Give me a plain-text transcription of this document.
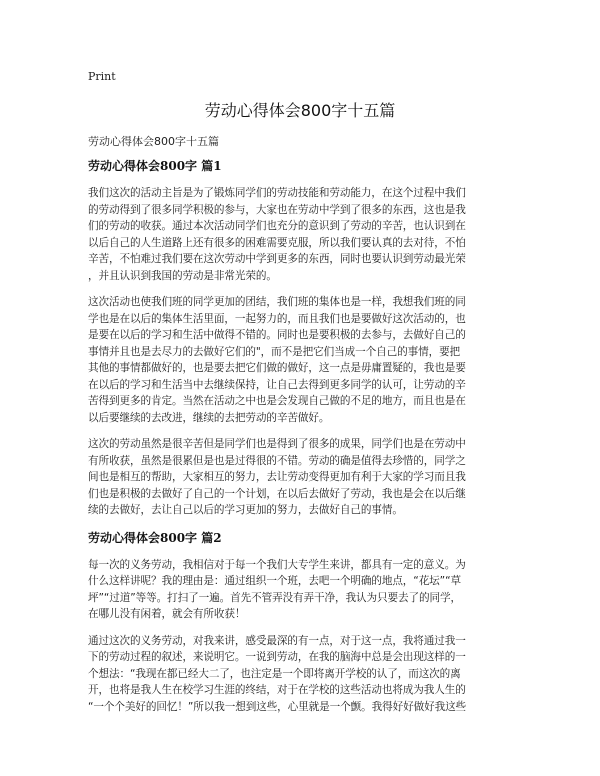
Print
劳动心得体会800字十五篇
劳动心得体会800字十五篇
劳动心得体会800字 篇1
我们这次的活动主旨是为了锻炼同学们的劳动技能和劳动能力，在这个过程中我们
的劳动得到了很多同学积极的参与，大家也在劳动中学到了很多的东西，这也是我
们的劳动的收获。通过本次活动同学们也充分的意识到了劳动的辛苦，也认识到在
以后自己的人生道路上还有很多的困难需要克服，所以我们要认真的去对待，不怕
辛苦，不怕难过我们要在这次劳动中学到更多的东西，同时也要认识到劳动最光荣
，并且认识到我国的劳动是非常光荣的。
这次活动也使我们班的同学更加的团结，我们班的集体也是一样，我想我们班的同
学也是在以后的集体生活里面，一起努力的，而且我们也是要做好这次活动的，也
是要在以后的学习和生活中做得不错的。同时也是要积极的去参与，去做好自己的
事情并且也是去尽力的去做好它们的"，而不是把它们当成一个自己的事情，要把
其他的事情都做好的，也是要去把它们做的做好，这一点是毋庸置疑的，我也是要
在以后的学习和生活当中去继续保持，让自己去得到更多同学的认可，让劳动的辛
苦得到更多的肯定。当然在活动之中也是会发现自己做的不足的地方，而且也是在
以后要继续的去改进，继续的去把劳动的辛苦做好。
这次的劳动虽然是很辛苦但是同学们也是得到了很多的成果，同学们也是在劳动中
有所收获，虽然是很累但是也是过得很的不错。劳动的确是值得去珍惜的，同学之
间也是相互的帮助，大家相互的努力，去让劳动变得更加有利于大家的学习而且我
们也是积极的去做好了自己的一个计划，在以后去做好了劳动，我也是会在以后继
续的去做好，去让自己以后的学习更加的努力，去做好自己的事情。
劳动心得体会800字 篇2
每一次的义务劳动，我相信对于每一个我们大专学生来讲，都具有一定的意义。为
什么这样讲呢？我的理由是：通过组织一个班，去吧一个明确的地点，“花坛”“草
坪”“过道”等等。打扫了一遍。首先不管弄没有弄干净，我认为只要去了的同学，
在哪儿没有闲着，就会有所收获！
通过这次的义务劳动，对我来讲，感受最深的有一点，对于这一点，我将通过我一
下的劳动过程的叙述，来说明它。一说到劳动，在我的脑海中总是会出现这样的一
个想法：“我现在都已经大二了，也注定是一个即将离开学校的认了，而这次的离
开，也将是我人生在校学习生涯的终结，对于在学校的这些活动也将成为我人生的
“一个个美好的回忆！”所以我一想到这些，心里就是一个颤。我得好好做好我这些
